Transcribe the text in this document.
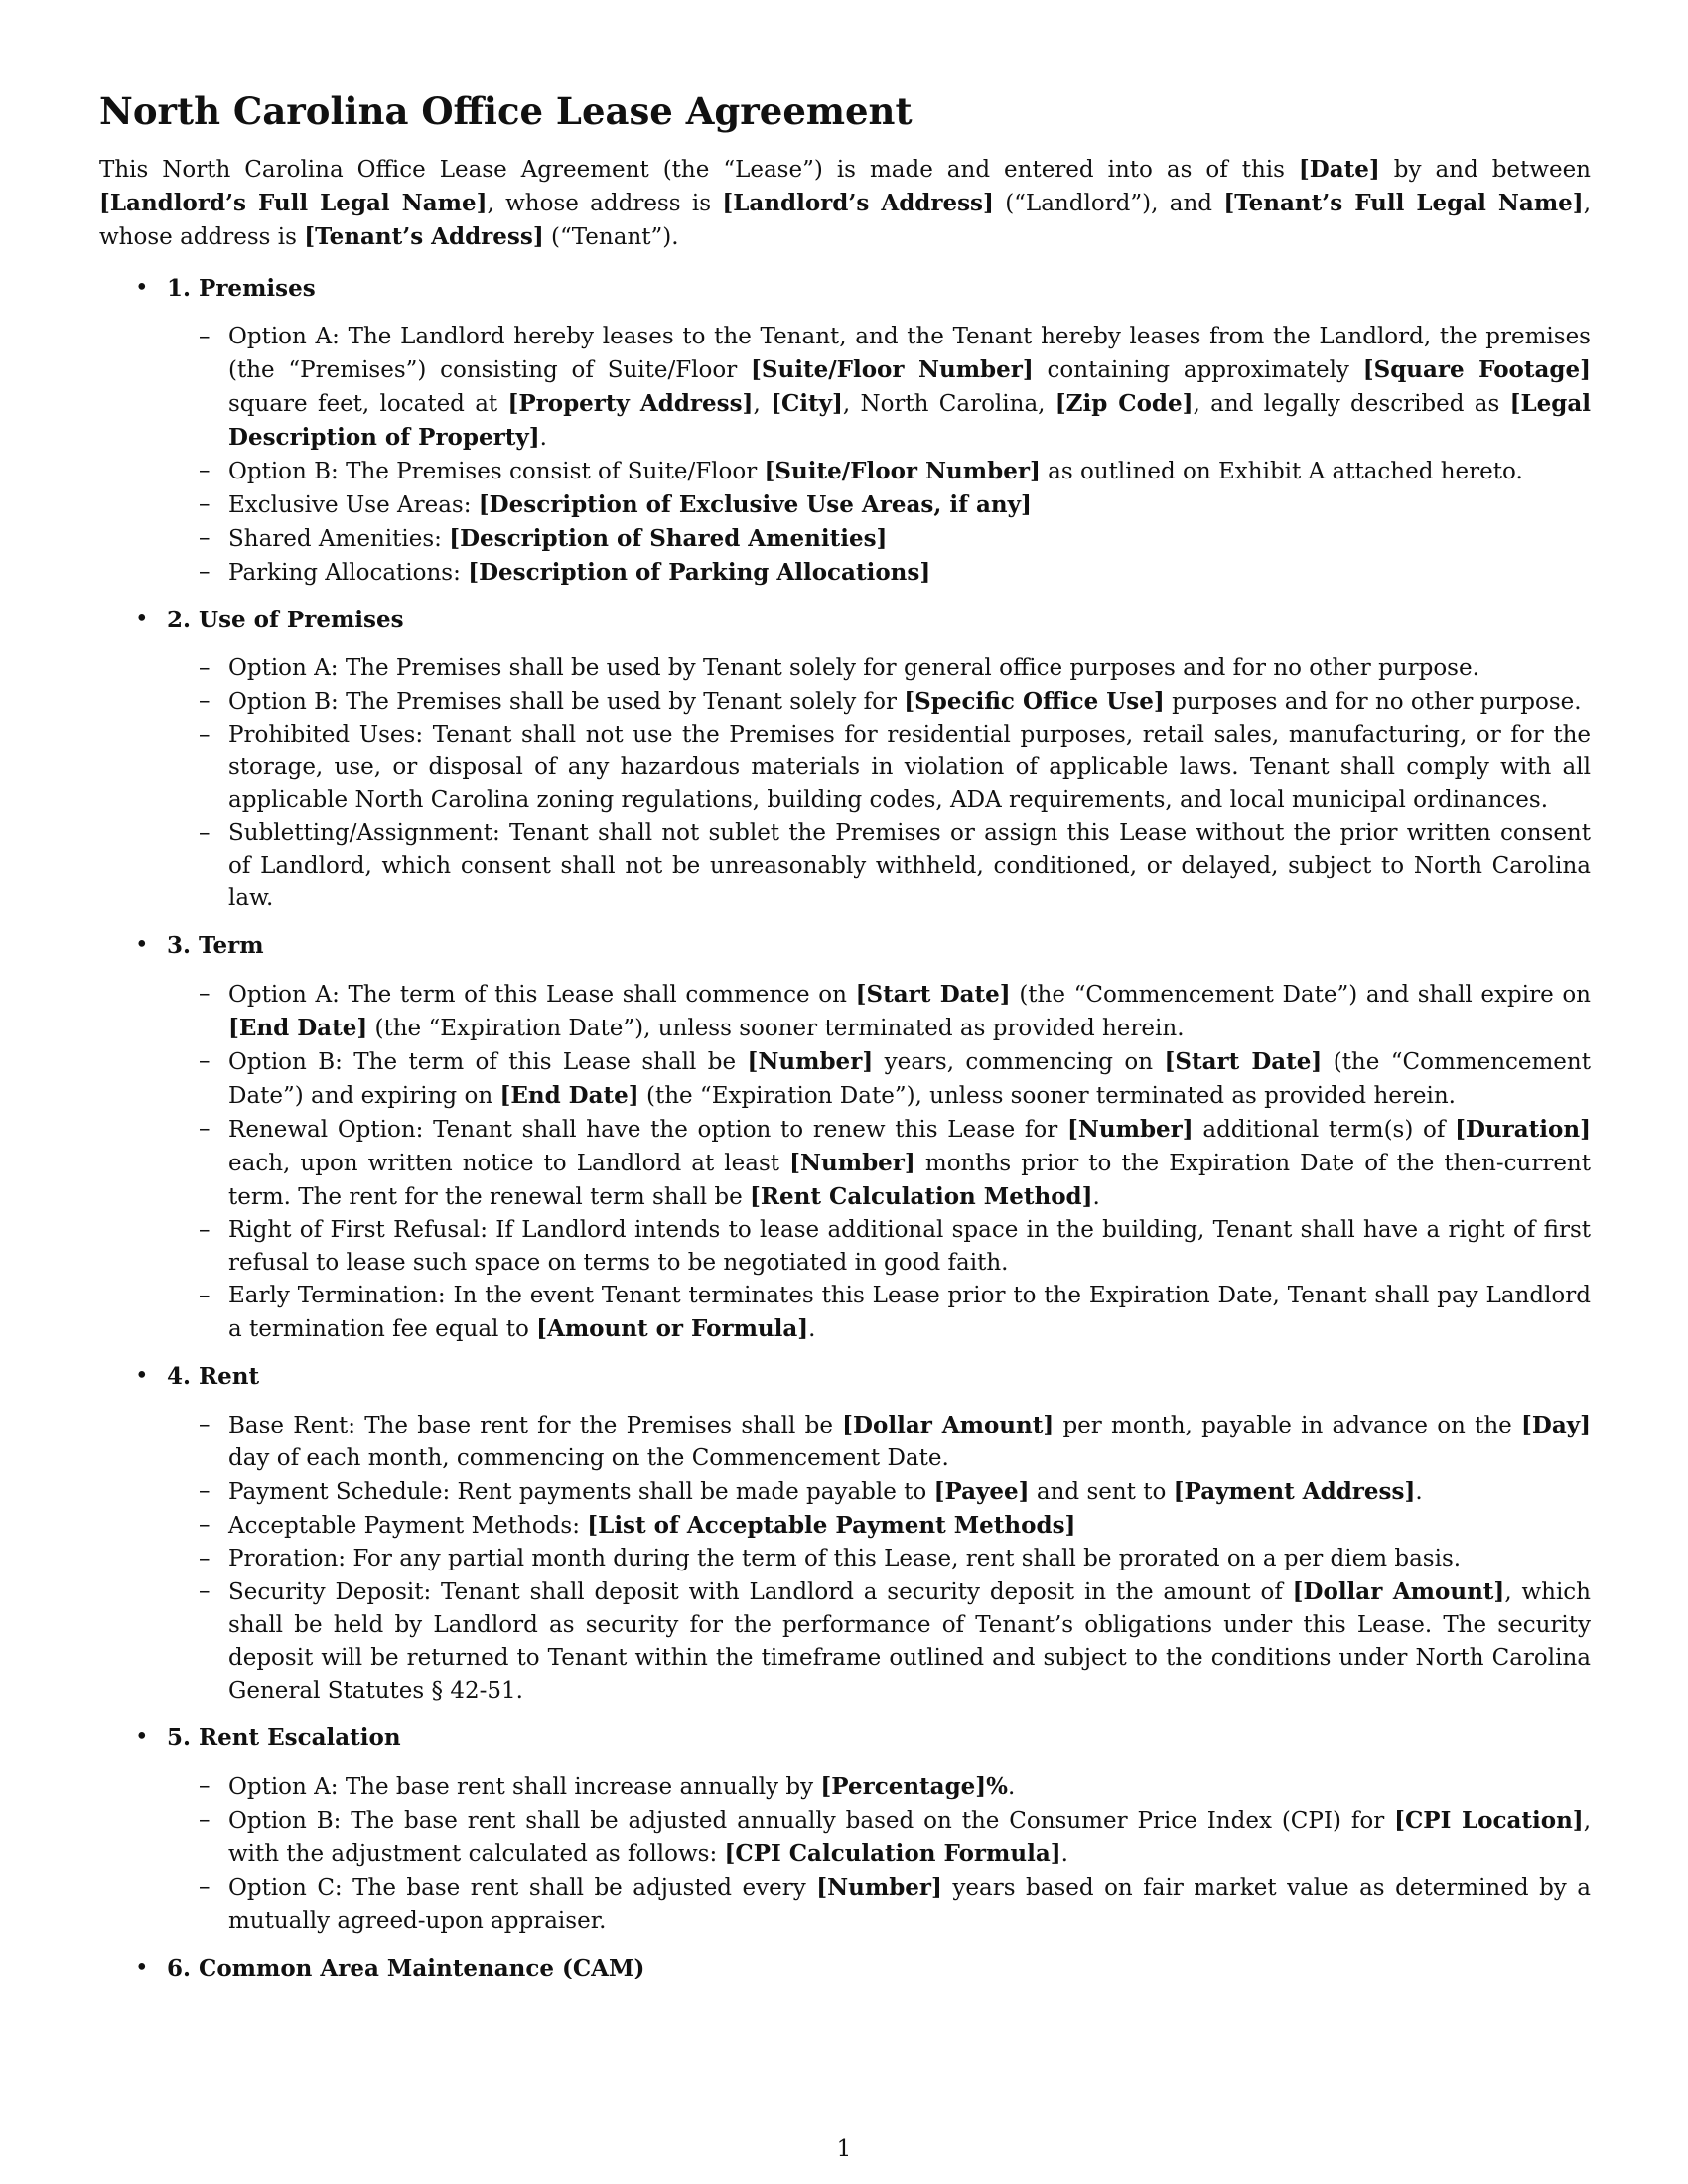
North Carolina Office Lease Agreement

This North Carolina Office Lease Agreement (the “Lease”) is made and entered into as of this [Date] by and between [Landlord’s Full Legal Name], whose address is [Landlord’s Address] (“Landlord”), and [Tenant’s Full Legal Name], whose address is [Tenant’s Address] (“Tenant”).

• 1. Premises
– Option A: The Landlord hereby leases to the Tenant, and the Tenant hereby leases from the Landlord, the premises (the “Premises”) consisting of Suite/Floor [Suite/Floor Number] containing approximately [Square Footage] square feet, located at [Property Address], [City], North Carolina, [Zip Code], and legally described as [Legal Description of Property].
– Option B: The Premises consist of Suite/Floor [Suite/Floor Number] as outlined on Exhibit A attached hereto.
– Exclusive Use Areas: [Description of Exclusive Use Areas, if any]
– Shared Amenities: [Description of Shared Amenities]
– Parking Allocations: [Description of Parking Allocations]
• 2. Use of Premises
– Option A: The Premises shall be used by Tenant solely for general office purposes and for no other purpose.
– Option B: The Premises shall be used by Tenant solely for [Specific Office Use] purposes and for no other purpose.
– Prohibited Uses: Tenant shall not use the Premises for residential purposes, retail sales, manufacturing, or for the storage, use, or disposal of any hazardous materials in violation of applicable laws. Tenant shall comply with all applicable North Carolina zoning regulations, building codes, ADA requirements, and local municipal ordinances.
– Subletting/Assignment: Tenant shall not sublet the Premises or assign this Lease without the prior written consent of Landlord, which consent shall not be unreasonably withheld, conditioned, or delayed, subject to North Carolina law.
• 3. Term
– Option A: The term of this Lease shall commence on [Start Date] (the “Commencement Date”) and shall expire on [End Date] (the “Expiration Date”), unless sooner terminated as provided herein.
– Option B: The term of this Lease shall be [Number] years, commencing on [Start Date] (the “Commencement Date”) and expiring on [End Date] (the “Expiration Date”), unless sooner terminated as provided herein.
– Renewal Option: Tenant shall have the option to renew this Lease for [Number] additional term(s) of [Duration] each, upon written notice to Landlord at least [Number] months prior to the Expiration Date of the then-current term. The rent for the renewal term shall be [Rent Calculation Method].
– Right of First Refusal: If Landlord intends to lease additional space in the building, Tenant shall have a right of first refusal to lease such space on terms to be negotiated in good faith.
– Early Termination: In the event Tenant terminates this Lease prior to the Expiration Date, Tenant shall pay Landlord a termination fee equal to [Amount or Formula].
• 4. Rent
– Base Rent: The base rent for the Premises shall be [Dollar Amount] per month, payable in advance on the [Day] day of each month, commencing on the Commencement Date.
– Payment Schedule: Rent payments shall be made payable to [Payee] and sent to [Payment Address].
– Acceptable Payment Methods: [List of Acceptable Payment Methods]
– Proration: For any partial month during the term of this Lease, rent shall be prorated on a per diem basis.
– Security Deposit: Tenant shall deposit with Landlord a security deposit in the amount of [Dollar Amount], which shall be held by Landlord as security for the performance of Tenant’s obligations under this Lease. The security deposit will be returned to Tenant within the timeframe outlined and subject to the conditions under North Carolina General Statutes § 42-51.
• 5. Rent Escalation
– Option A: The base rent shall increase annually by [Percentage]%.
– Option B: The base rent shall be adjusted annually based on the Consumer Price Index (CPI) for [CPI Location], with the adjustment calculated as follows: [CPI Calculation Formula].
– Option C: The base rent shall be adjusted every [Number] years based on fair market value as determined by a mutually agreed-upon appraiser.
• 6. Common Area Maintenance (CAM)
1
